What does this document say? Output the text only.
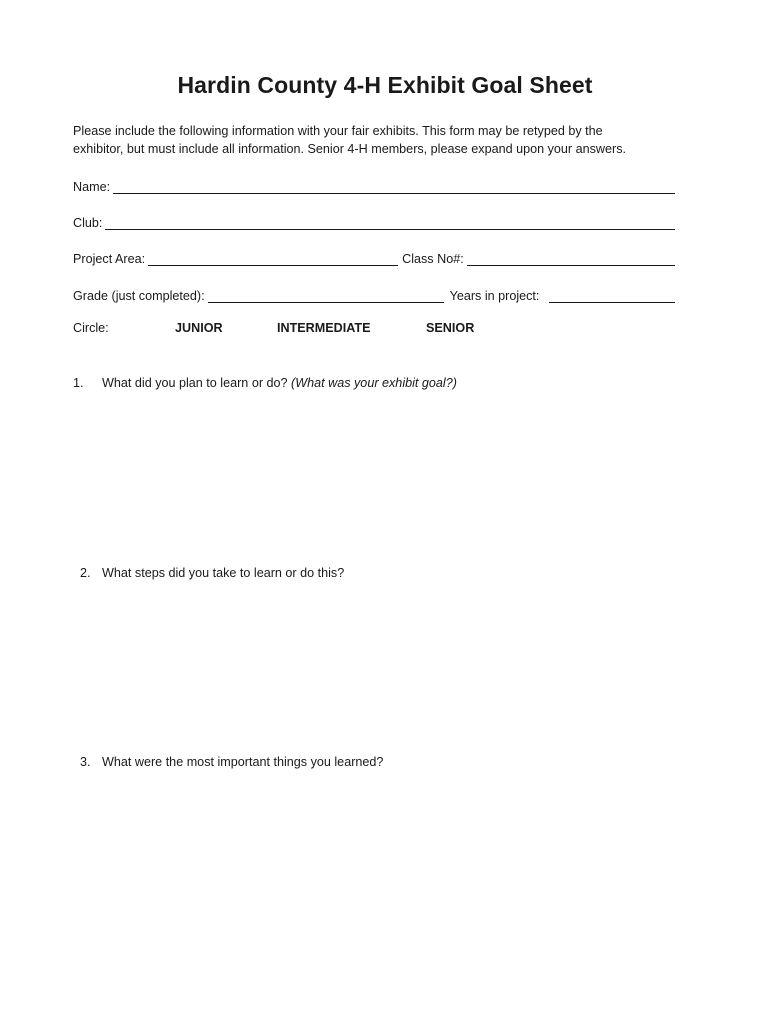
Hardin County 4-H Exhibit Goal Sheet
Please include the following information with your fair exhibits. This form may be retyped by the
exhibitor, but must include all information. Senior 4-H members, please expand upon your answers.
Name:
Club:
Project Area:	Class No#:
Grade (just completed):	Years in project:
Circle:	JUNIOR	INTERMEDIATE	SENIOR
1. What did you plan to learn or do? (What was your exhibit goal?)
2. What steps did you take to learn or do this?
3. What were the most important things you learned?
